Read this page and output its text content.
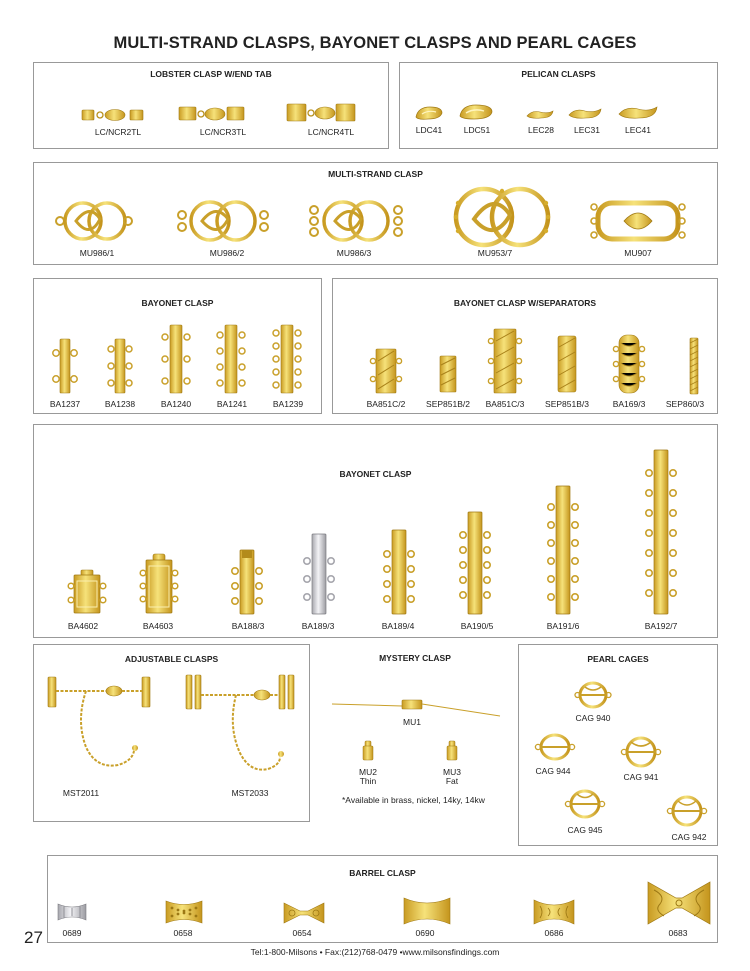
MULTI-STRAND CLASPS, BAYONET CLASPS AND PEARL CAGES
LOBSTER CLASP W/END TAB
LC/NCR2TL	LC/NCR3TL	LC/NCR4TL
PELICAN CLASPS
LDC41	LDC51	LEC28 LEC31	LEC41
MULTI-STRAND CLASP
MU986/1	MU986/2	MU986/3	MU953/7	MU907
BAYONET CLASP
BA1237	BA1238	BA1240	BA1241	BA1239
BAYONET CLASP W/SEPARATORS
BA851C/2 SEP851B/2 BA851C/3 SEP851B/3	BA169/3 SEP860/3
BAYONET CLASP
BA4602	BA4603	BA188/3	BA189/3	BA189/4	BA190/5	BA191/6	BA192/7
ADJUSTABLE CLASPS
MST2011	MST2033
MYSTERY CLASP
MU1
MU2
Thin
MU3
Fat
*Available in brass, nickel, 14ky, 14kw
PEARL CAGES
CAG 940
CAG 944
CAG 941
CAG 945
CAG 942
BARREL CLASP
0689	0658	0654	0690	0686	0683
27
Tel:1-800-Milsons • Fax:(212)768-0479 •www.milsonsfindings.com
